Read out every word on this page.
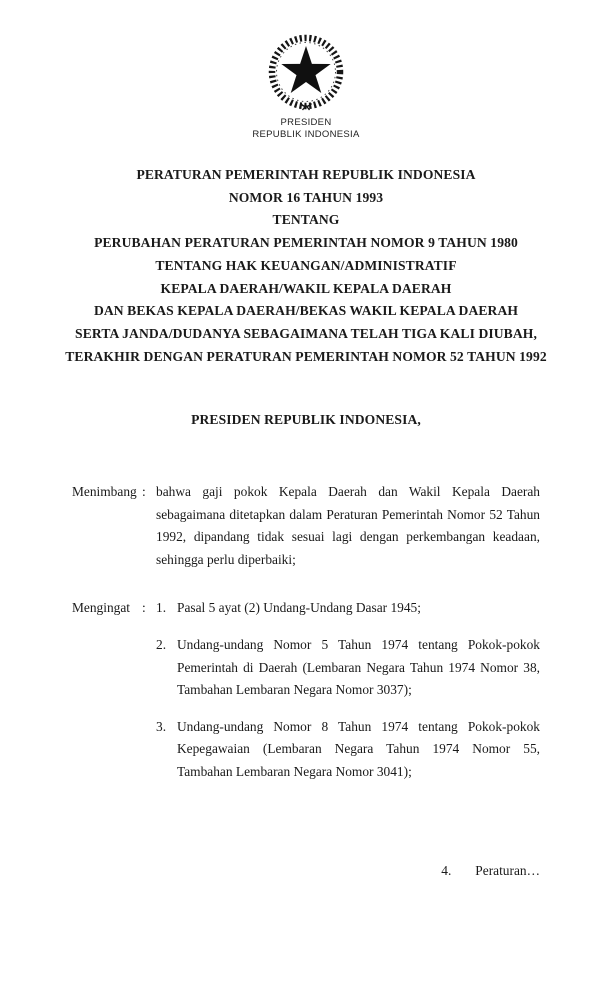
PRESIDEN
REPUBLIK INDONESIA
PERATURAN PEMERINTAH REPUBLIK INDONESIA
NOMOR 16 TAHUN 1993
TENTANG
PERUBAHAN PERATURAN PEMERINTAH NOMOR 9 TAHUN 1980
TENTANG HAK KEUANGAN/ADMINISTRATIF
KEPALA DAERAH/WAKIL KEPALA DAERAH
DAN BEKAS KEPALA DAERAH/BEKAS WAKIL KEPALA DAERAH
SERTA JANDA/DUDANYA SEBAGAIMANA TELAH TIGA KALI DIUBAH,
TERAKHIR DENGAN PERATURAN PEMERINTAH NOMOR 52 TAHUN 1992
PRESIDEN REPUBLIK INDONESIA,
Menimbang : bahwa gaji pokok Kepala Daerah dan Wakil Kepala Daerah sebagaimana ditetapkan dalam Peraturan Pemerintah Nomor 52 Tahun 1992, dipandang tidak sesuai lagi dengan perkembangan keadaan, sehingga perlu diperbaiki;
Mengingat : 1. Pasal 5 ayat (2) Undang-Undang Dasar 1945;
2. Undang-undang Nomor 5 Tahun 1974 tentang Pokok-pokok Pemerintah di Daerah (Lembaran Negara Tahun 1974 Nomor 38, Tambahan Lembaran Negara Nomor 3037);
3. Undang-undang Nomor 8 Tahun 1974 tentang Pokok-pokok Kepegawaian (Lembaran Negara Tahun 1974 Nomor 55, Tambahan Lembaran Negara Nomor 3041);
4. Peraturan…
